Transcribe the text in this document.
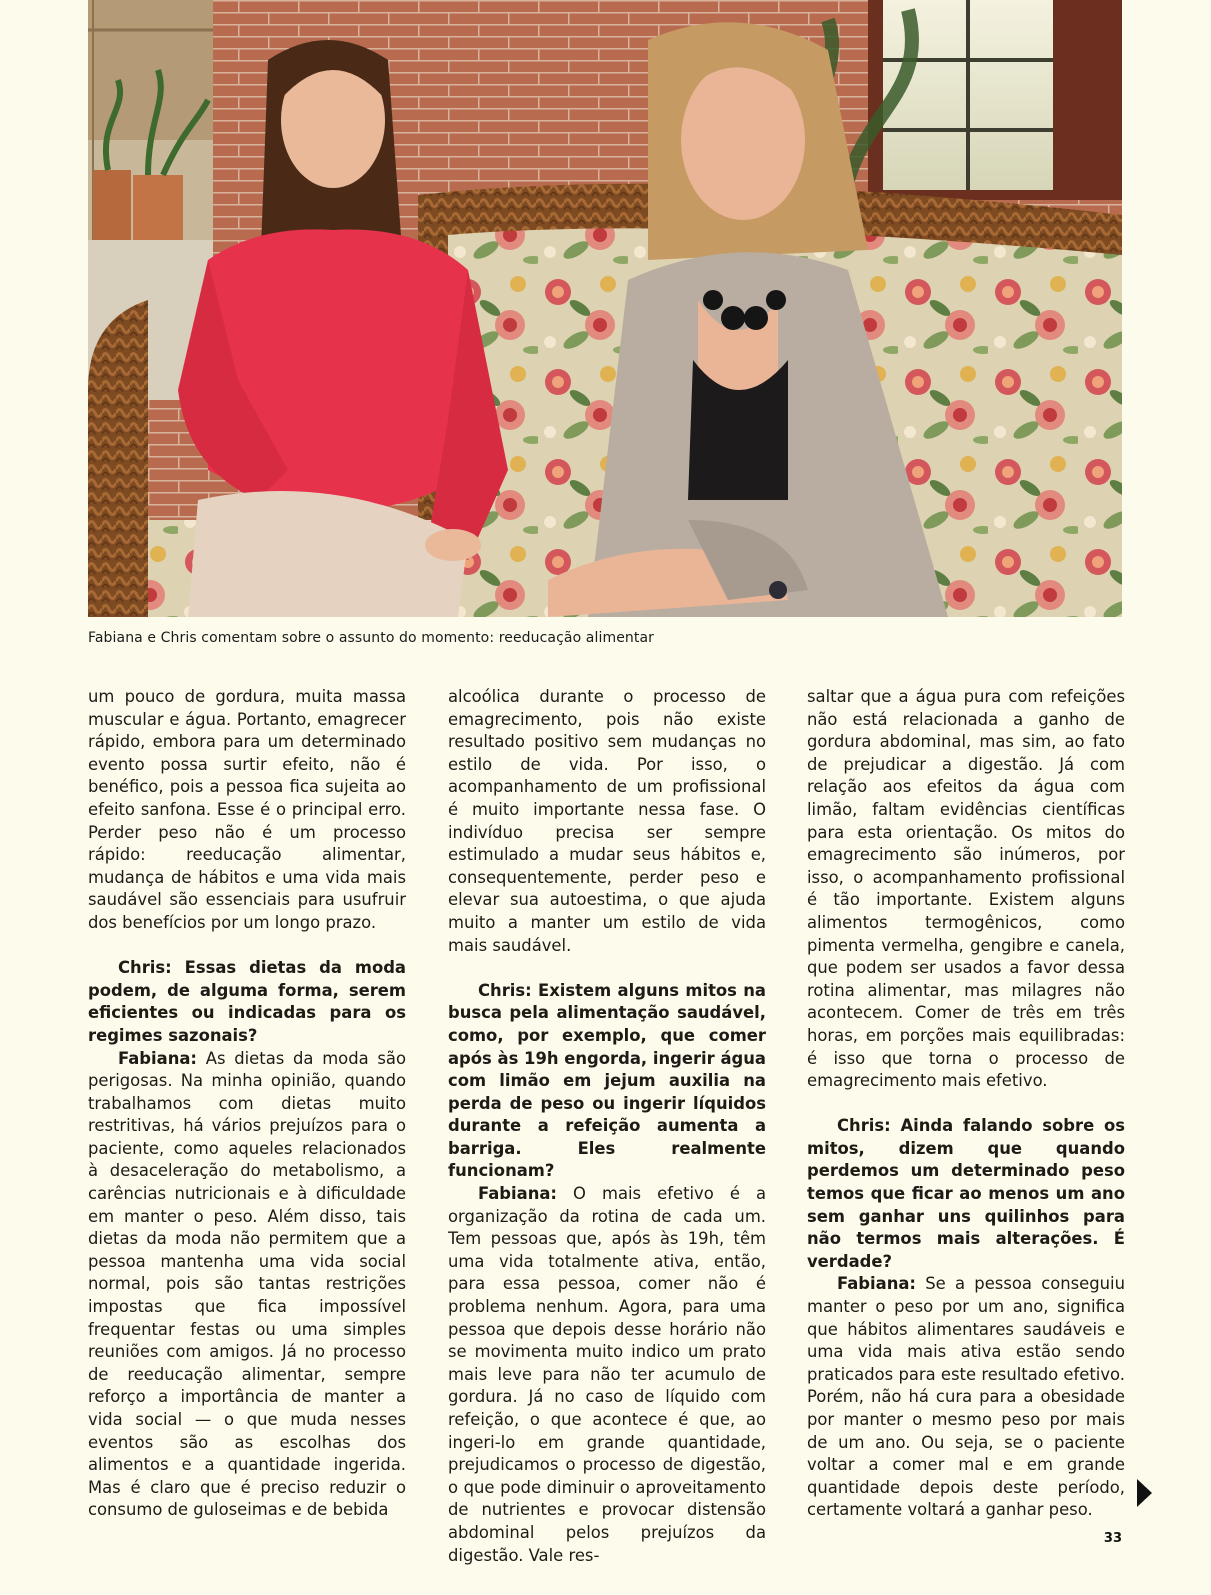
Fabiana e Chris comentam sobre o assunto do momento: reeducação alimentar

um pouco de gordura, muita massa muscular e água. Portanto, emagrecer rápido, embora para um determinado evento possa surtir efeito, não é benéfico, pois a pessoa fica sujeita ao efeito sanfona. Esse é o principal erro. Perder peso não é um processo rápido: reeducação alimentar, mudança de hábitos e uma vida mais saudável são essenciais para usufruir dos benefícios por um longo prazo.

Chris: Essas dietas da moda podem, de alguma forma, serem eficientes ou indicadas para os regimes sazonais?

Fabiana: As dietas da moda são perigosas. Na minha opinião, quando trabalhamos com dietas muito restritivas, há vários prejuízos para o paciente, como aqueles relacionados à desaceleração do metabolismo, a carências nutricionais e à dificuldade em manter o peso. Além disso, tais dietas da moda não permitem que a pessoa mantenha uma vida social normal, pois são tantas restrições impostas que fica impossível frequentar festas ou uma simples reuniões com amigos. Já no processo de reeducação alimentar, sempre reforço a importância de manter a vida social — o que muda nesses eventos são as escolhas dos alimentos e a quantidade ingerida. Mas é claro que é preciso reduzir o consumo de guloseimas e de bebida

alcoólica durante o processo de emagrecimento, pois não existe resultado positivo sem mudanças no estilo de vida. Por isso, o acompanhamento de um profissional é muito importante nessa fase. O indivíduo precisa ser sempre estimulado a mudar seus hábitos e, consequentemente, perder peso e elevar sua autoestima, o que ajuda muito a manter um estilo de vida mais saudável.

Chris: Existem alguns mitos na busca pela alimentação saudável, como, por exemplo, que comer após às 19h engorda, ingerir água com limão em jejum auxilia na perda de peso ou ingerir líquidos durante a refeição aumenta a barriga. Eles realmente funcionam?

Fabiana: O mais efetivo é a organização da rotina de cada um. Tem pessoas que, após às 19h, têm uma vida totalmente ativa, então, para essa pessoa, comer não é problema nenhum. Agora, para uma pessoa que depois desse horário não se movimenta muito indico um prato mais leve para não ter acumulo de gordura. Já no caso de líquido com refeição, o que acontece é que, ao ingeri-lo em grande quantidade, prejudicamos o processo de digestão, o que pode diminuir o aproveitamento de nutrientes e provocar distensão abdominal pelos prejuízos da digestão. Vale res-

saltar que a água pura com refeições não está relacionada a ganho de gordura abdominal, mas sim, ao fato de prejudicar a digestão. Já com relação aos efeitos da água com limão, faltam evidências científicas para esta orientação. Os mitos do emagrecimento são inúmeros, por isso, o acompanhamento profissional é tão importante. Existem alguns alimentos termogênicos, como pimenta vermelha, gengibre e canela, que podem ser usados a favor dessa rotina alimentar, mas milagres não acontecem. Comer de três em três horas, em porções mais equilibradas: é isso que torna o processo de emagrecimento mais efetivo.

Chris: Ainda falando sobre os mitos, dizem que quando perdemos um determinado peso temos que ficar ao menos um ano sem ganhar uns quilinhos para não termos mais alterações. É verdade?

Fabiana: Se a pessoa conseguiu manter o peso por um ano, significa que hábitos alimentares saudáveis e uma vida mais ativa estão sendo praticados para este resultado efetivo. Porém, não há cura para a obesidade por manter o mesmo peso por mais de um ano. Ou seja, se o paciente voltar a comer mal e em grande quantidade depois deste período, certamente voltará a ganhar peso.

33
